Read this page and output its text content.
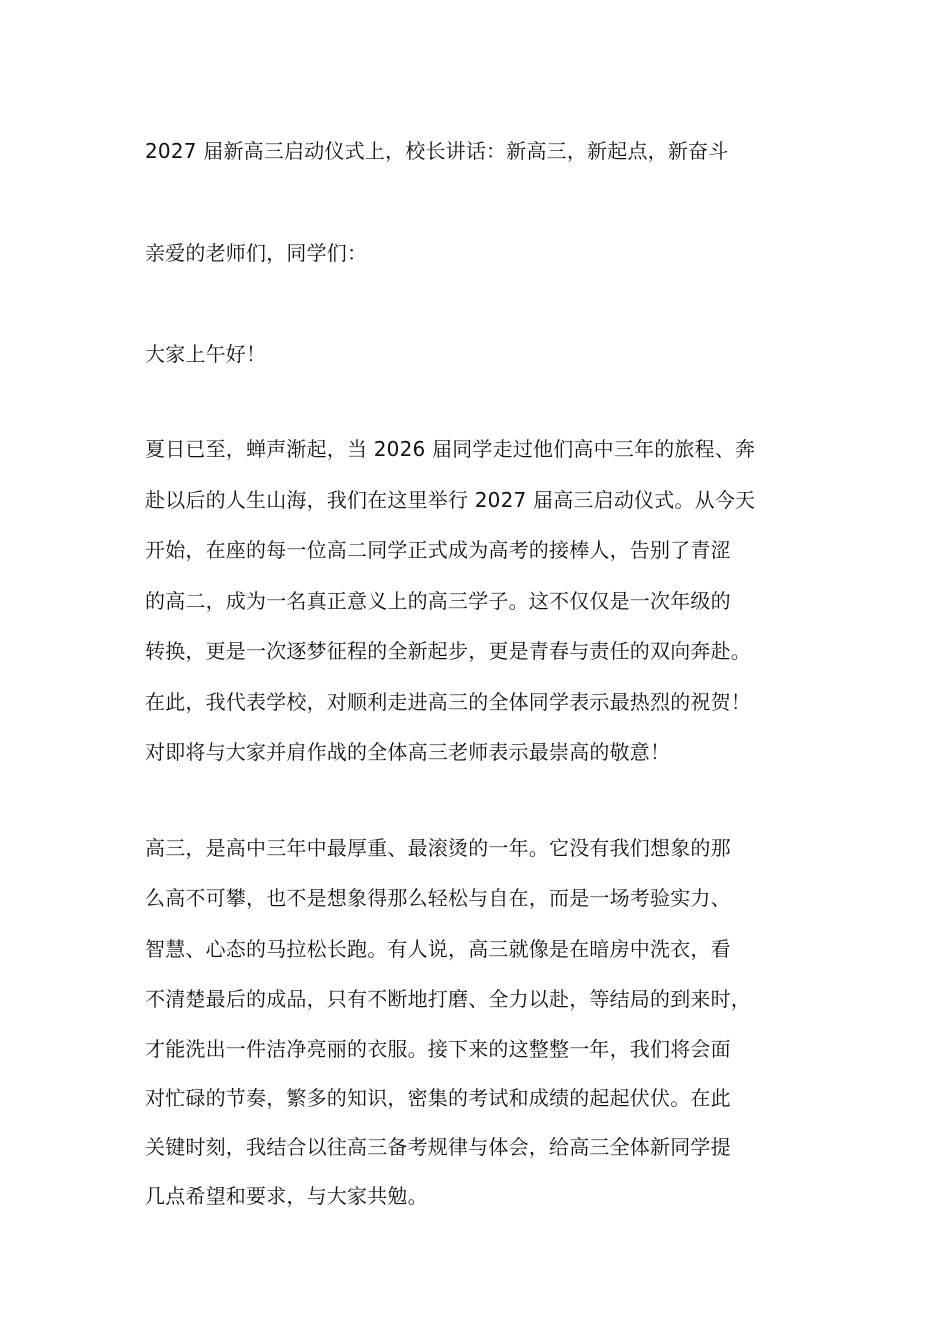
2027 届新高三启动仪式上，校长讲话：新高三，新起点，新奋斗
亲爱的老师们，同学们：
大家上午好！
夏日已至，蝉声渐起，当 2026 届同学走过他们高中三年的旅程、奔
赴以后的人生山海，我们在这里举行 2027 届高三启动仪式。从今天
开始，在座的每一位高二同学正式成为高考的接棒人，告别了青涩
的高二，成为一名真正意义上的高三学子。这不仅仅是一次年级的
转换，更是一次逐梦征程的全新起步，更是青春与责任的双向奔赴。
在此，我代表学校，对顺利走进高三的全体同学表示最热烈的祝贺！
对即将与大家并肩作战的全体高三老师表示最崇高的敬意！
高三，是高中三年中最厚重、最滚烫的一年。它没有我们想象的那
么高不可攀，也不是想象得那么轻松与自在，而是一场考验实力、
智慧、心态的马拉松长跑。有人说，高三就像是在暗房中洗衣，看
不清楚最后的成品，只有不断地打磨、全力以赴，等结局的到来时，
才能洗出一件洁净亮丽的衣服。接下来的这整整一年，我们将会面
对忙碌的节奏，繁多的知识，密集的考试和成绩的起起伏伏。在此
关键时刻，我结合以往高三备考规律与体会，给高三全体新同学提
几点希望和要求，与大家共勉。
